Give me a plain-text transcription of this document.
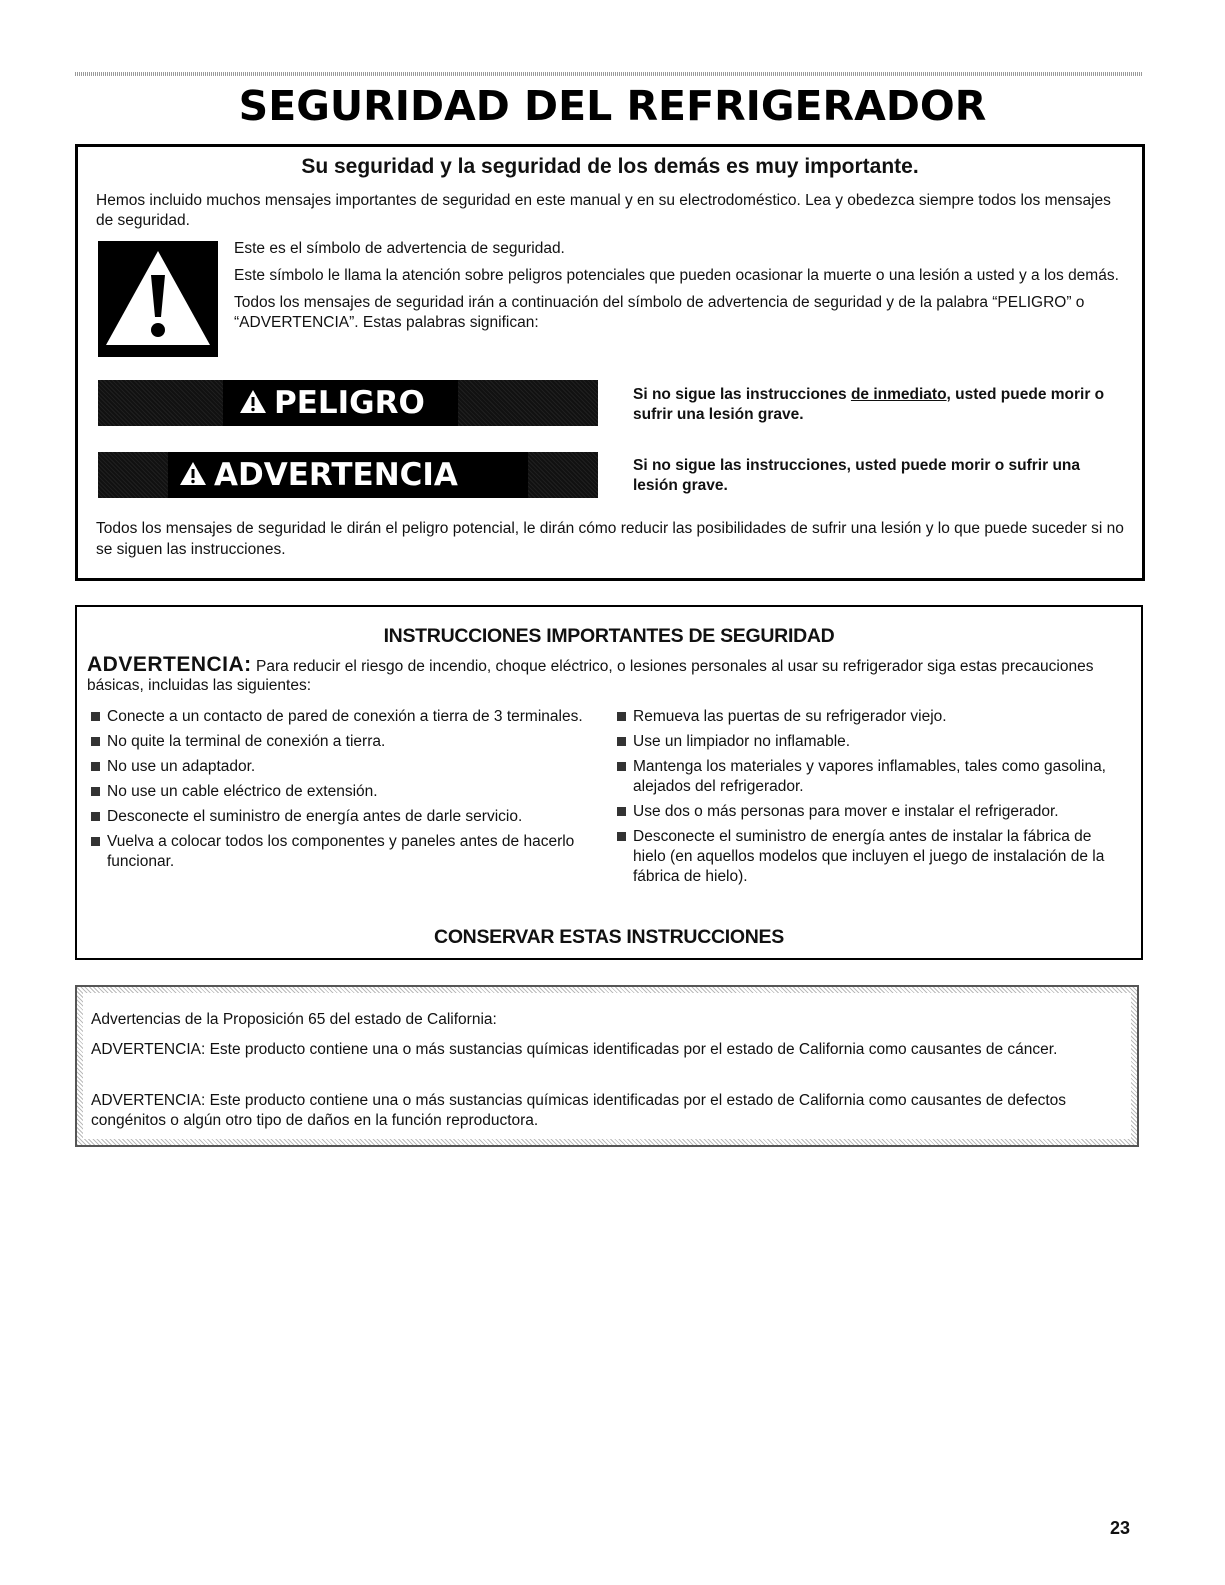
SEGURIDAD DEL REFRIGERADOR
Su seguridad y la seguridad de los demás es muy importante.

Hemos incluido muchos mensajes importantes de seguridad en este manual y en su electrodoméstico. Lea y obedezca siempre todos los mensajes de seguridad.

Este es el símbolo de advertencia de seguridad.

Este símbolo le llama la atención sobre peligros potenciales que pueden ocasionar la muerte o una lesión a usted y a los demás.

Todos los mensajes de seguridad irán a continuación del símbolo de advertencia de seguridad y de la palabra “PELIGRO” o “ADVERTENCIA”. Estas palabras significan:

PELIGRO	Si no sigue las instrucciones de inmediato, usted puede morir o sufrir una lesión grave.

ADVERTENCIA	Si no sigue las instrucciones, usted puede morir o sufrir una lesión grave.

Todos los mensajes de seguridad le dirán el peligro potencial, le dirán cómo reducir las posibilidades de sufrir una lesión y lo que puede suceder si no se siguen las instrucciones.

INSTRUCCIONES IMPORTANTES DE SEGURIDAD

ADVERTENCIA: Para reducir el riesgo de incendio, choque eléctrico, o lesiones personales al usar su refrigerador siga estas precauciones básicas, incluidas las siguientes:

Conecte a un contacto de pared de conexión a tierra de 3 terminales.
No quite la terminal de conexión a tierra.
No use un adaptador.
No use un cable eléctrico de extensión.
Desconecte el suministro de energía antes de darle servicio.
Vuelva a colocar todos los componentes y paneles antes de hacerlo funcionar.
Remueva las puertas de su refrigerador viejo.
Use un limpiador no inflamable.
Mantenga los materiales y vapores inflamables, tales como gasolina, alejados del refrigerador.
Use dos o más personas para mover e instalar el refrigerador.
Desconecte el suministro de energía antes de instalar la fábrica de hielo (en aquellos modelos que incluyen el juego de instalación de la fábrica de hielo).
CONSERVAR ESTAS INSTRUCCIONES

Advertencias de la Proposición 65 del estado de California:

ADVERTENCIA: Este producto contiene una o más sustancias químicas identificadas por el estado de California como causantes de cáncer.

ADVERTENCIA: Este producto contiene una o más sustancias químicas identificadas por el estado de California como causantes de defectos congénitos o algún otro tipo de daños en la función reproductora.

23
